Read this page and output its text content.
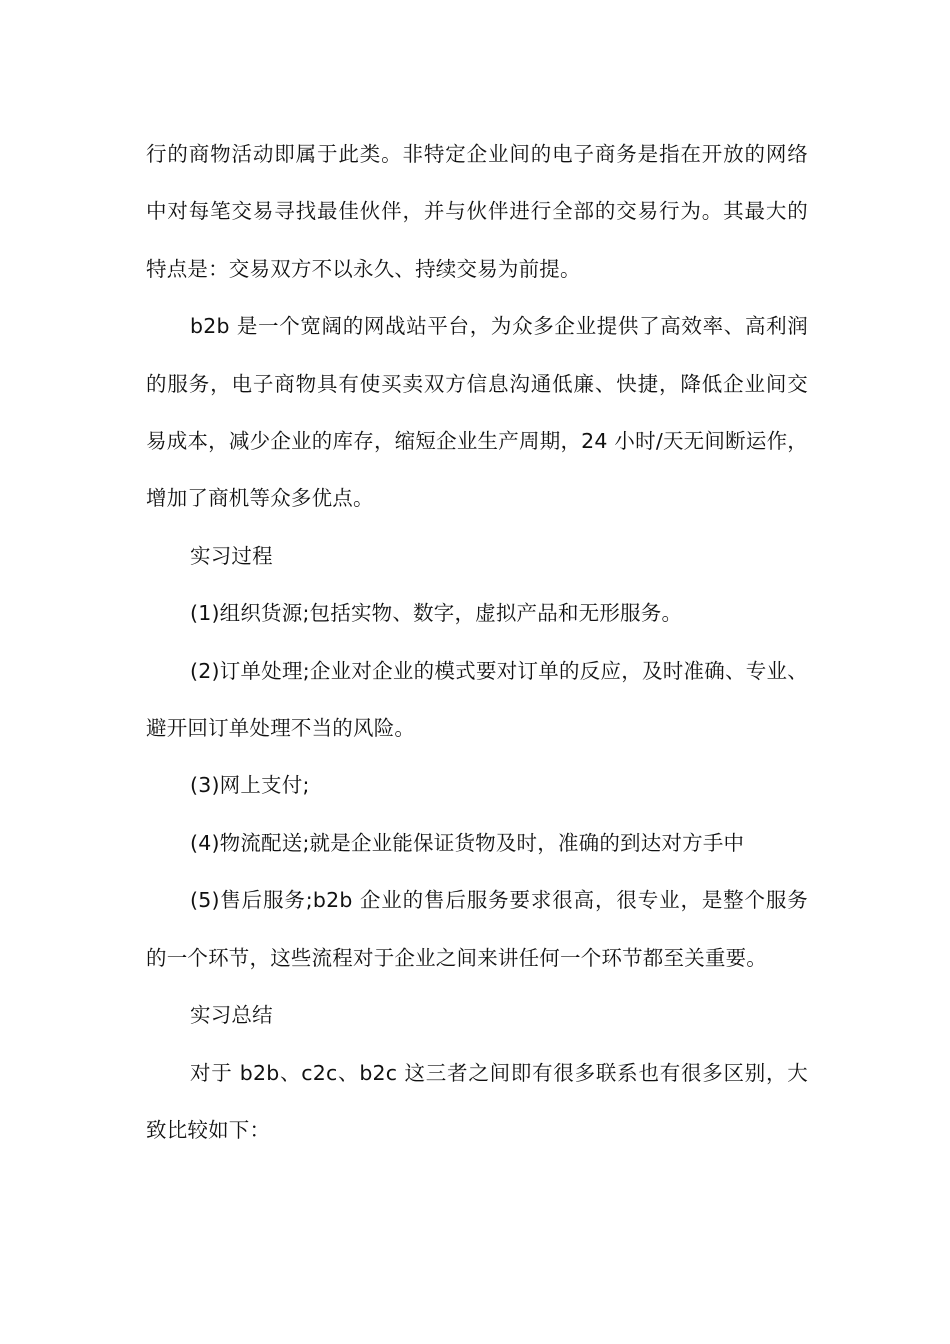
行的商物活动即属于此类。非特定企业间的电子商务是指在开放的网络中对每笔交易寻找最佳伙伴，并与伙伴进行全部的交易行为。其最大的特点是：交易双方不以永久、持续交易为前提。

b2b 是一个宽阔的网战站平台，为众多企业提供了高效率、高利润的服务，电子商物具有使买卖双方信息沟通低廉、快捷，降低企业间交易成本，减少企业的库存，缩短企业生产周期，24 小时/天无间断运作，增加了商机等众多优点。

实习过程

(1)组织货源;包括实物、数字，虚拟产品和无形服务。

(2)订单处理;企业对企业的模式要对订单的反应，及时准确、专业、避开回订单处理不当的风险。

(3)网上支付;

(4)物流配送;就是企业能保证货物及时，准确的到达对方手中

(5)售后服务;b2b 企业的售后服务要求很高，很专业，是整个服务的一个环节，这些流程对于企业之间来讲任何一个环节都至关重要。

实习总结

对于 b2b、c2c、b2c 这三者之间即有很多联系也有很多区别，大致比较如下：
